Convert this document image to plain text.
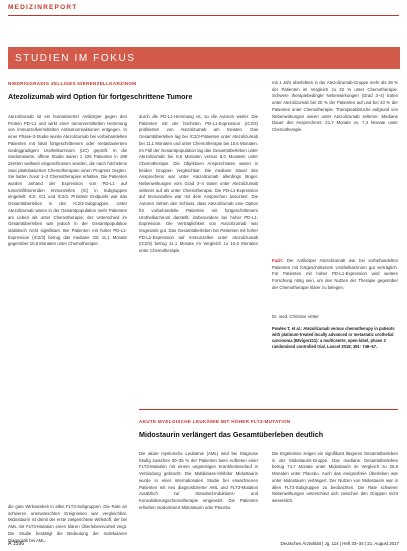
MEDIZINREPORT
STUDIEN IM FOKUS
NIEDRIGGRADIG ZELLIGES NIERENZELLKARZINOM
Atezolizumab wird Option für fortgeschrittene Tumore

Atezolizumab ist ein humanisierter Antikörper gegen den Protein PD-L1 und wirkt einer tumorvermittelten Hemmung von immunzellvermittelten Antitumorreaktionen entgegen. In einer Phase-3-Studie wurde Atezolizumab bei vorbehandelten Patienten mit lokal fortgeschrittenem oder metastasiertem niedriggradigem Urothelkarzinom (UC) geprüft. In die randomisierte, offene Studie waren 1 225 Patienten in 198 Zentren weltweit eingeschlossen worden, die nach höchstens zwei platinbasierten Chemotherapien einen Progress zeigten. Sie hatten zuvor 1–2 Chemotherapien erhalten. Die Patienten wurden anhand der Expression von PD-L1 auf tumorinfiltrierenden Immunzellen (IC) in Subgruppen eingeteilt: IC0, IC1 und IC2/3. Primärer Endpunkt war das Gesamtüberleben in den IC2/3-Subgruppen. Unter Atezolizumab waren in der Gesamtpopulation mehr Patienten am Leben als unter Chemotherapie; der Unterschied im Gesamtüberleben war jedoch in der Gesamtpopulation statistisch nicht signifikant. Bei Patienten mit hoher PD-L1-Expression (IC2/3) betrug das mediane OS 11,1 Monate gegenüber 10,6 Monaten unter Chemotherapie.

durch die PD-L1-Hemmung ist, so die Autoren weiter. Die Patienten mit der höchsten PD-L1-Expression (IC2/3) profitierten von Atezolizumab am meisten. Das Gesamtüberleben lag bei IC2/3-Patienten unter Atezolizumab bei 11,1 Monaten und unter Chemotherapie bei 10,6 Monaten. Im Fall der Gesamtpopulation lag das Gesamtüberleben unter Atezolizumab bei 8,6 Monaten versus 8,0 Monaten unter Chemotherapie. Die Objektiven Ansprechraten waren in beiden Gruppen vergleichbar. Die mediane Dauer des Ansprechens war unter Atezolizumab allerdings länger. Nebenwirkungen vom Grad 3–4 traten unter Atezolizumab seltener auf als unter Chemotherapie. Die PD-L1-Expression auf Immunzellen war mit dem Ansprechen assoziiert. Die Autoren ziehen den Schluss, dass Atezolizumab eine Option für vorbehandelte Patienten mit fortgeschrittenem Urothelkarzinom darstellt, insbesondere bei hoher PD-L1-Expression. Die Verträglichkeit von Atezolizumab war insgesamt gut. Das Gesamtüberleben bei Patienten mit hoher PD-L1-Expression auf Immunzellen unter Atezolizumab (IC2/3) betrug 11,1 Monate im Vergleich zu 10,6 Monaten unter Chemotherapie.

mit 1 Jahr überlebten in der Atezolizumab-Gruppe mehr als 39 % der Patienten im Vergleich zu 32 % unter Chemotherapie. Schwere therapiebedingte Nebenwirkungen (Grad 3–4) traten unter Atezolizumab bei 20 % der Patienten auf und bei 43 % der Patienten unter Chemotherapie. Therapieabbrüche aufgrund von Nebenwirkungen waren unter Atezolizumab seltener. Mediane Dauer des Ansprechens: 21,7 Monate vs. 7,4 Monate unter Chemotherapie.

Fazit: Der Antikörper Atezolizumab war bei vorbehandelten Patienten mit fortgeschrittenem Urothelkarzinom gut verträglich. Für Patienten mit hoher PD-L1-Expression wird weitere Forschung nötig sein, um den Nutzen der Therapie gegenüber der Chemotherapie klarer zu belegen.

Dr. med. Christine Vetter
Powles T, et al.: Atezolizumab versus chemotherapy in patients with platinum-treated locally advanced or metastatic urothelial carcinoma (IMvigor211): a multicentre, open-label, phase 3 randomised controlled trial. Lancet 2018; 391: 748–57.
AKUTE MYELOISCHE LEUKÄMIE MIT HOHER FLT3-MUTATION
Midostaurin verlängert das Gesamtüberleben deutlich

Die akute myeloische Leukämie (AML) wird bei Diagnose häufig zwischen 30–35 % der Patienten beim Auftreten einer FLT3-Mutation mit einem ungünstigen Krankheitsverlauf in Verbindung gebracht. Die Multikinase-Inhibitor Midostaurin wurde in einer internationalen Studie bei erwachsenen Patienten mit neu diagnostizierter AML und FLT3-Mutation zusätzlich zur Standard-Induktions- und Konsolidierungschemotherapie eingesetzt. Die Patienten erhielten randomisiert Midostaurin oder Placebo.

Die Ergebnisse zeigen ein signifikant längeres Gesamtüberleben in der Midostaurin-Gruppe. Das mediane Gesamtüberleben betrug 74,7 Monate unter Midostaurin im Vergleich zu 25,6 Monaten unter Placebo. Auch das ereignisfreie Überleben war unter Midostaurin verlängert. Der Nutzen von Midostaurin war in allen FLT3-Subgruppen zu beobachten. Die Rate schwerer Nebenwirkungen unterschied sich zwischen den Gruppen nicht wesentlich.

die gute Wirksamkeit in allen FLT3-Subgruppen. Die Rate an schweren unerwünschten Ereignissen war vergleichbar. Midostaurin ist damit der erste zielgerichtete Wirkstoff, der bei AML mit FLT3-Mutation einen klaren Überlebensvorteil zeigt. Die Studie bestätigt die Bedeutung der molekularen Diagnostik bei AML.

A 1596	Deutsches Ärzteblatt | Jg. 114 | Heft 33–34 | 21. August 2017
